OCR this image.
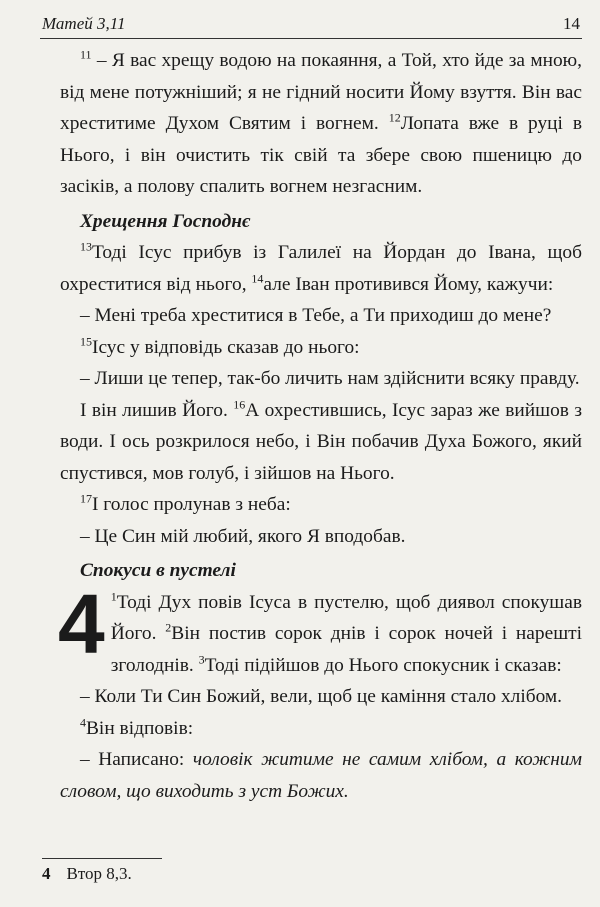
Матей 3,11	14

$^{11}$ – Я вас хрещу водою на покаяння, а Той, хто йде за мною, від мене потужніший; я не гідний носити Йому взуття. Він вас хреститиме Духом Святим і вогнем. $^{12}$Лопата вже в руці в Нього, і він очистить тік свій та збере свою пшеницю до засіків, а полову спалить вогнем незгасним.

Хрещення Господнє

$^{13}$Тоді Ісус прибув із Галилеї на Йордан до Івана, щоб охреститися від нього, $^{14}$але Іван противився Йому, кажучи:

– Мені треба хреститися в Тебе, а Ти приходиш до мене?

$^{15}$Ісус у відповідь сказав до нього:

– Лиши це тепер, так-бо личить нам здійснити всяку правду.

І він лишив Його. $^{16}$А охрестившись, Ісус зараз же вийшов з води. І ось розкрилося небо, і Він побачив Духа Божого, який спустився, мов голуб, і зійшов на Нього.

$^{17}$І голос пролунав з неба:

– Це Син мій любий, якого Я вподобав.

Спокуси в пустелі

4 $^1$Тоді Дух повів Ісуса в пустелю, щоб диявол спокушав Його. $^2$Він постив сорок днів і сорок ночей і нарешті зголоднів. $^3$Тоді підійшов до Нього спокусник і сказав:

– Коли Ти Син Божий, вели, щоб це каміння стало хлібом.

$^4$Він відповів:

– Написано: чоловік житиме не самим хлібом, а кожним словом, що виходить з уст Божих.

4 Втор 8,3.
